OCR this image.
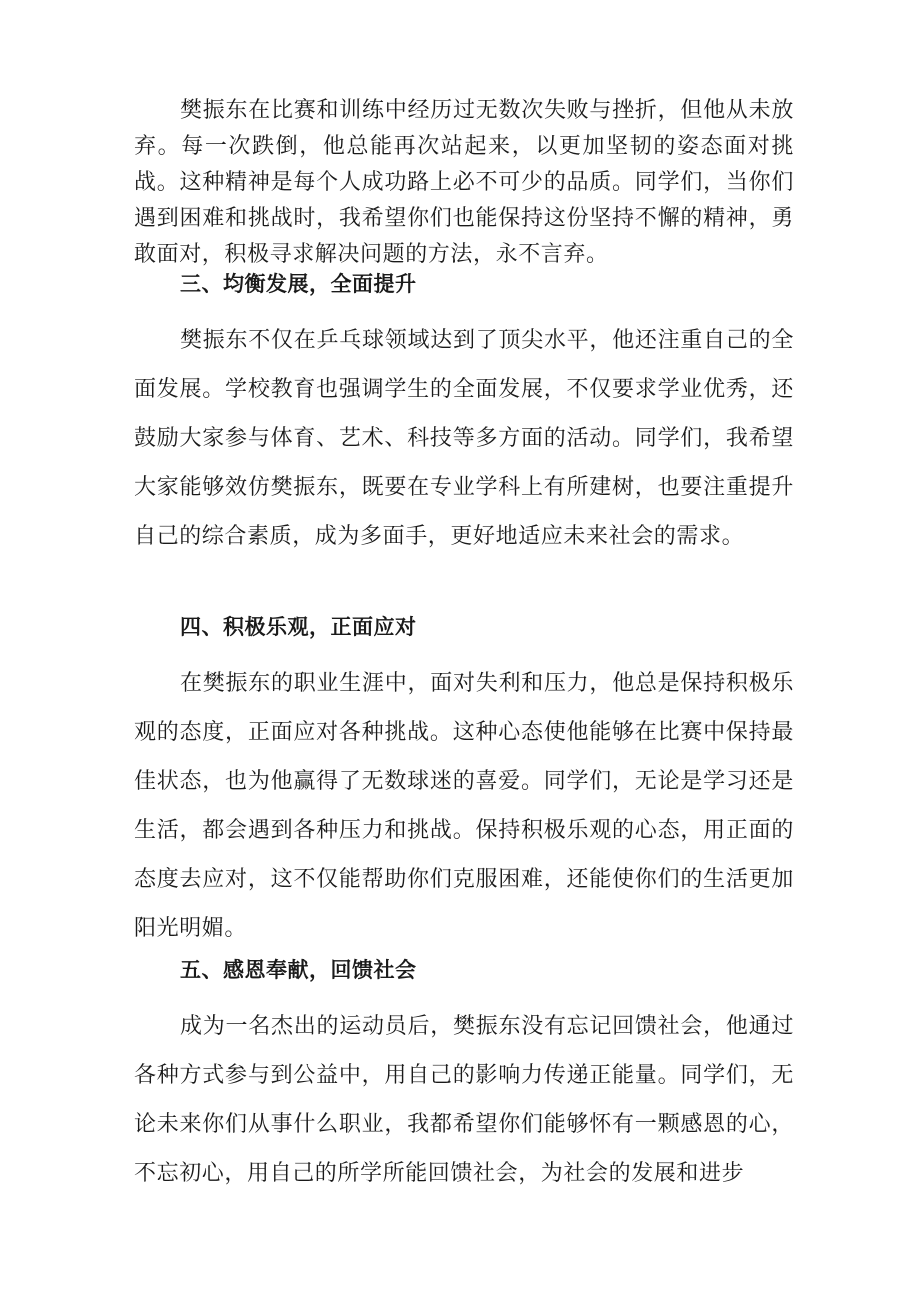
樊振东在比赛和训练中经历过无数次失败与挫折，但他从未放弃。每一次跌倒，他总能再次站起来，以更加坚韧的姿态面对挑战。这种精神是每个人成功路上必不可少的品质。同学们，当你们遇到困难和挑战时，我希望你们也能保持这份坚持不懈的精神，勇敢面对，积极寻求解决问题的方法，永不言弃。

三、均衡发展，全面提升

樊振东不仅在乒乓球领域达到了顶尖水平，他还注重自己的全面发展。学校教育也强调学生的全面发展，不仅要求学业优秀，还鼓励大家参与体育、艺术、科技等多方面的活动。同学们，我希望大家能够效仿樊振东，既要在专业学科上有所建树，也要注重提升自己的综合素质，成为多面手，更好地适应未来社会的需求。

四、积极乐观，正面应对

在樊振东的职业生涯中，面对失利和压力，他总是保持积极乐观的态度，正面应对各种挑战。这种心态使他能够在比赛中保持最佳状态，也为他赢得了无数球迷的喜爱。同学们，无论是学习还是生活，都会遇到各种压力和挑战。保持积极乐观的心态，用正面的态度去应对，这不仅能帮助你们克服困难，还能使你们的生活更加阳光明媚。

五、感恩奉献，回馈社会

成为一名杰出的运动员后，樊振东没有忘记回馈社会，他通过各种方式参与到公益中，用自己的影响力传递正能量。同学们，无论未来你们从事什么职业，我都希望你们能够怀有一颗感恩的心，不忘初心，用自己的所学所能回馈社会，为社会的发展和进步
